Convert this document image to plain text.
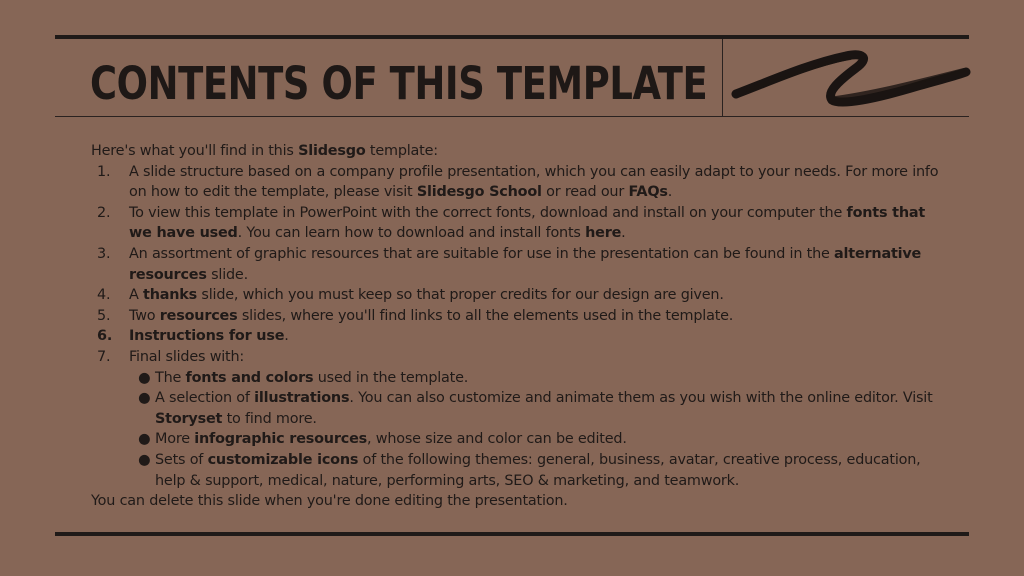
CONTENTS OF THIS TEMPLATE

Here's what you'll find in this Slidesgo template:

1.	A slide structure based on a company profile presentation, which you can easily adapt to your needs. For more info on how to edit the template, please visit Slidesgo School or read our FAQs.
2.	To view this template in PowerPoint with the correct fonts, download and install on your computer the fonts that we have used. You can learn how to download and install fonts here.
3.	An assortment of graphic resources that are suitable for use in the presentation can be found in the alternative resources slide.
4.	A thanks slide, which you must keep so that proper credits for our design are given.
5.	Two resources slides, where you'll find links to all the elements used in the template.
6.	Instructions for use.
7.	Final slides with:
● The fonts and colors used in the template.
● A selection of illustrations. You can also customize and animate them as you wish with the online editor. Visit Storyset to find more.
● More infographic resources, whose size and color can be edited.
● Sets of customizable icons of the following themes: general, business, avatar, creative process, education, help & support, medical, nature, performing arts, SEO & marketing, and teamwork.

You can delete this slide when you're done editing the presentation.
